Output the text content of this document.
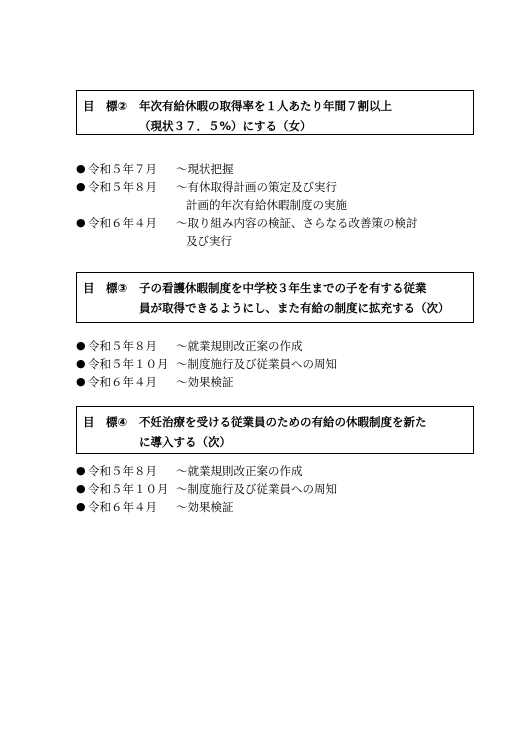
目　標②	年次有給休暇の取得率を１人あたり年間７割以上
（現状３７．５%）にする（女）
● 令和５年７月	～現状把握
● 令和５年８月	～有休取得計画の策定及び実行
計画的年次有給休暇制度の実施
● 令和６年４月	～取り組み内容の検証、さらなる改善策の検討
及び実行
目　標③	子の看護休暇制度を中学校３年生までの子を有する従業
員が取得できるようにし、また有給の制度に拡充する（次）
● 令和５年８月	～就業規則改正案の作成
● 令和５年１０月 ～制度施行及び従業員への周知
● 令和６年４月	～効果検証
目　標④	不妊治療を受ける従業員のための有給の休暇制度を新た
に導入する（次）
● 令和５年８月	～就業規則改正案の作成
● 令和５年１０月 ～制度施行及び従業員への周知
● 令和６年４月	～効果検証
